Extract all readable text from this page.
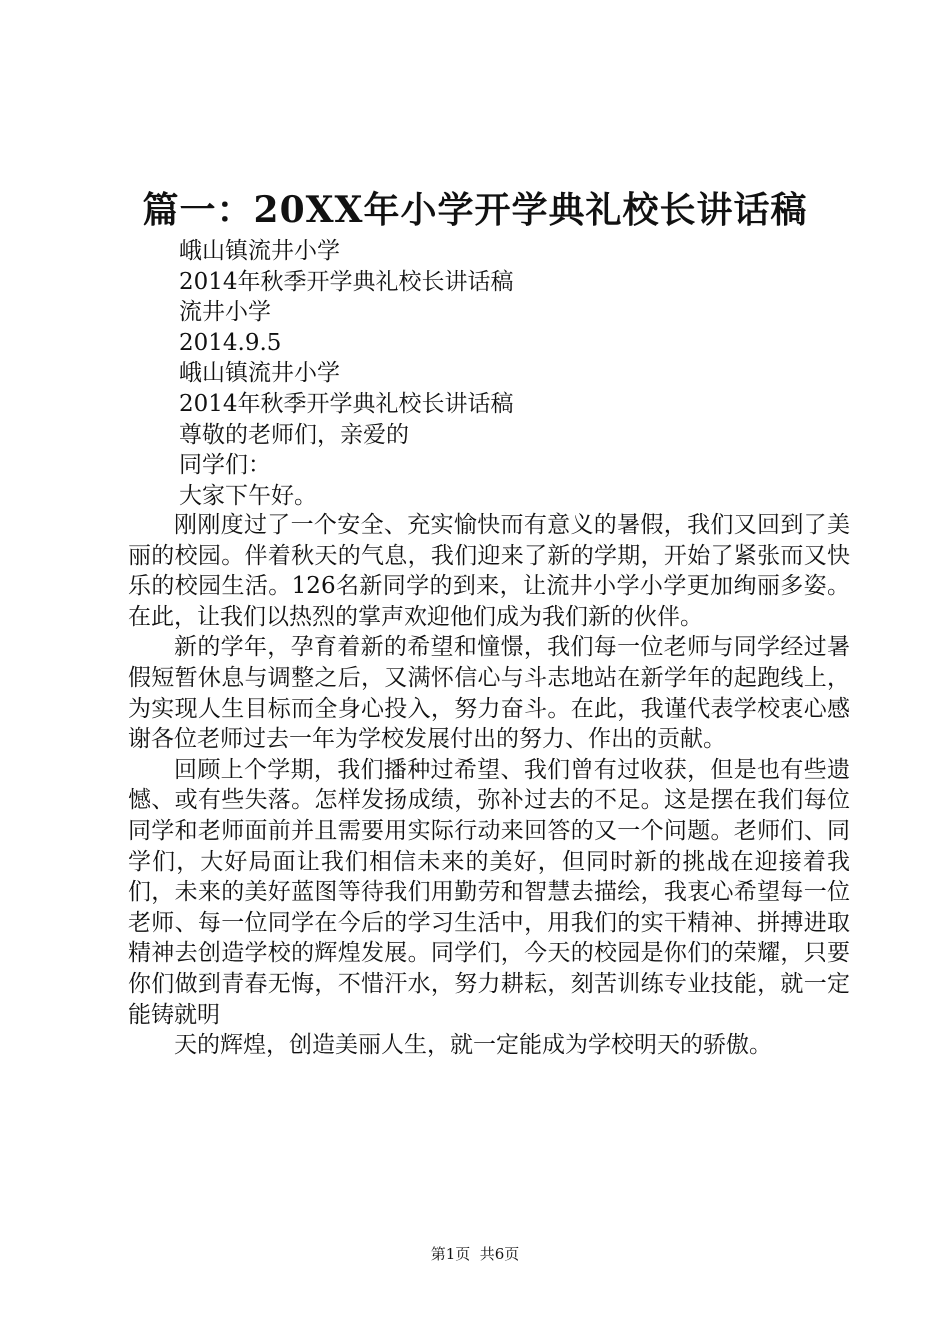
篇一：20XX年小学开学典礼校长讲话稿
峨山镇流井小学
2014年秋季开学典礼校长讲话稿
流井小学
2014.9.5
峨山镇流井小学
2014年秋季开学典礼校长讲话稿
尊敬的老师们，亲爱的
同学们：
大家下午好。

刚刚度过了一个安全、充实愉快而有意义的暑假，我们又回到了美丽的校园。伴着秋天的气息，我们迎来了新的学期，开始了紧张而又快乐的校园生活。126名新同学的到来，让流井小学小学更加绚丽多姿。在此，让我们以热烈的掌声欢迎他们成为我们新的伙伴。

新的学年，孕育着新的希望和憧憬，我们每一位老师与同学经过暑假短暂休息与调整之后，又满怀信心与斗志地站在新学年的起跑线上，为实现人生目标而全身心投入，努力奋斗。在此，我谨代表学校衷心感谢各位老师过去一年为学校发展付出的努力、作出的贡献。

回顾上个学期，我们播种过希望、我们曾有过收获，但是也有些遗憾、或有些失落。怎样发扬成绩，弥补过去的不足。这是摆在我们每位同学和老师面前并且需要用实际行动来回答的又一个问题。老师们、同学们，大好局面让我们相信未来的美好，但同时新的挑战在迎接着我们，未来的美好蓝图等待我们用勤劳和智慧去描绘，我衷心希望每一位老师、每一位同学在今后的学习生活中，用我们的实干精神、拼搏进取精神去创造学校的辉煌发展。同学们，今天的校园是你们的荣耀，只要你们做到青春无悔，不惜汗水，努力耕耘，刻苦训练专业技能，就一定能铸就明

天的辉煌，创造美丽人生，就一定能成为学校明天的骄傲。

第1页  共6页
